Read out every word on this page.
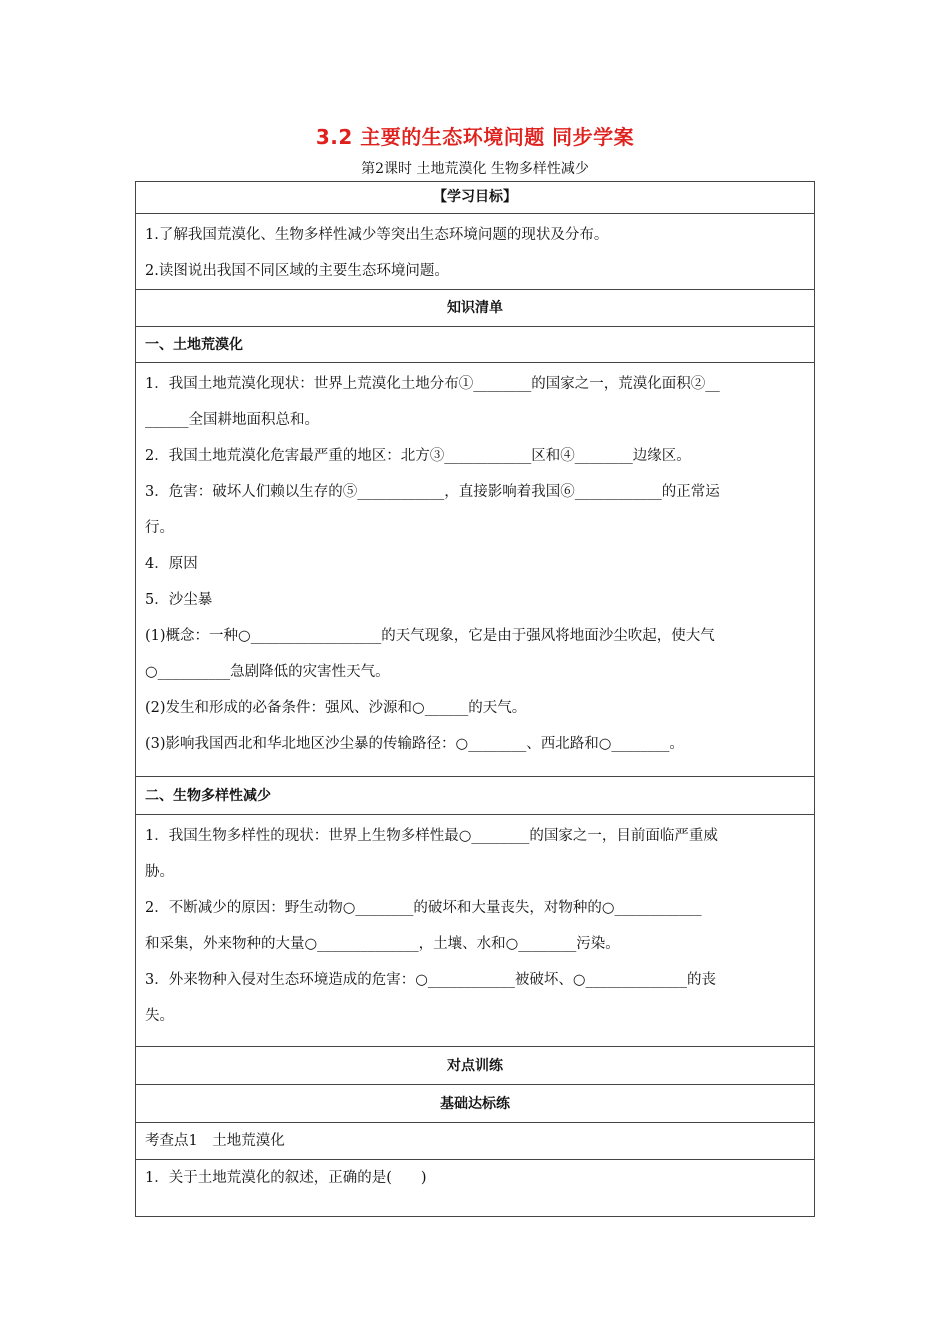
3.2 主要的生态环境问题 同步学案
第2课时 土地荒漠化 生物多样性减少
【学习目标】
1.了解我国荒漠化、生物多样性减少等突出生态环境问题的现状及分布。
2.读图说出我国不同区域的主要生态环境问题。
知识清单
一、土地荒漠化
1．我国土地荒漠化现状：世界上荒漠化土地分布①________的国家之一，荒漠化面积②__
______全国耕地面积总和。
2．我国土地荒漠化危害最严重的地区：北方③____________区和④________边缘区。
3．危害：破坏人们赖以生存的⑤____________，直接影响着我国⑥____________的正常运
行。
4．原因
5．沙尘暴
(1)概念：一种○__________________的天气现象，它是由于强风将地面沙尘吹起，使大气
○__________急剧降低的灾害性天气。
(2)发生和形成的必备条件：强风、沙源和○______的天气。
(3)影响我国西北和华北地区沙尘暴的传输路径：○________、西北路和○________。
二、生物多样性减少
1．我国生物多样性的现状：世界上生物多样性最○________的国家之一，目前面临严重威
胁。
2．不断减少的原因：野生动物○________的破坏和大量丧失，对物种的○____________
和采集，外来物种的大量○______________，土壤、水和○________污染。
3．外来物种入侵对生态环境造成的危害：○____________被破坏、○______________的丧
失。
对点训练
基础达标练
考查点1　土地荒漠化
1．关于土地荒漠化的叙述，正确的是(　　)
